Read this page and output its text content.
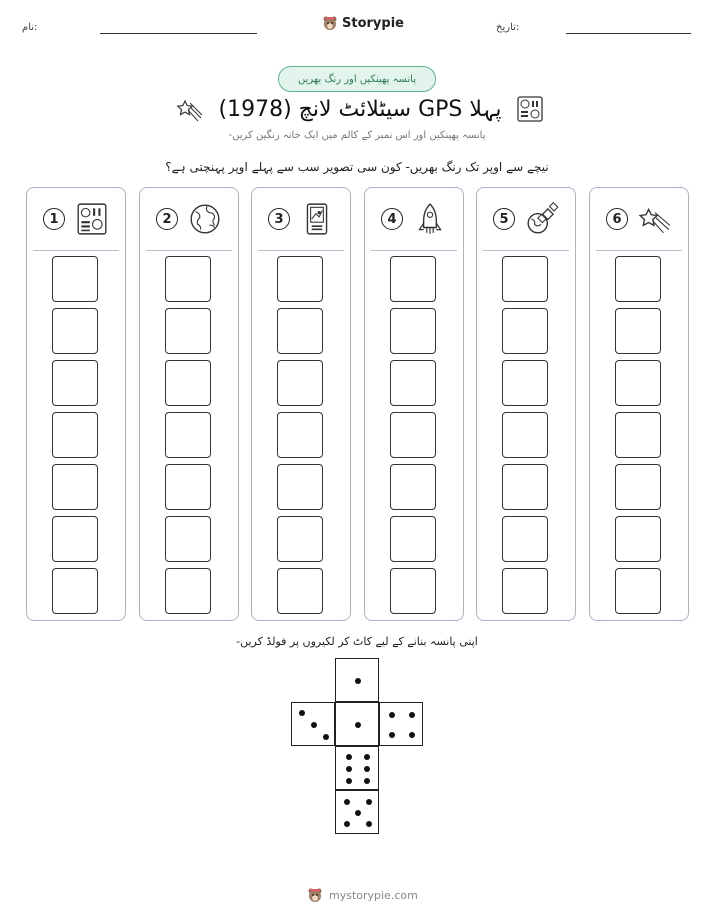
نام:	تاریخ:
Storypie
پانسہ پھینکیں اور رنگ بھریں
پہلا GPS سیٹلائٹ لانچ (1978)
پانسہ پھینکیں اور اس نمبر کے کالم میں ایک خانہ رنگین کریں-
نیچے سے اوپر تک رنگ بھریں- کون سی تصویر سب سے پہلے اوپر پہنچتی ہے؟
1	2	3	4	5	6
اپنی پانسہ بنانے کے لیے کاٹ کر لکیروں پر فولڈ کریں-
mystorypie.com
